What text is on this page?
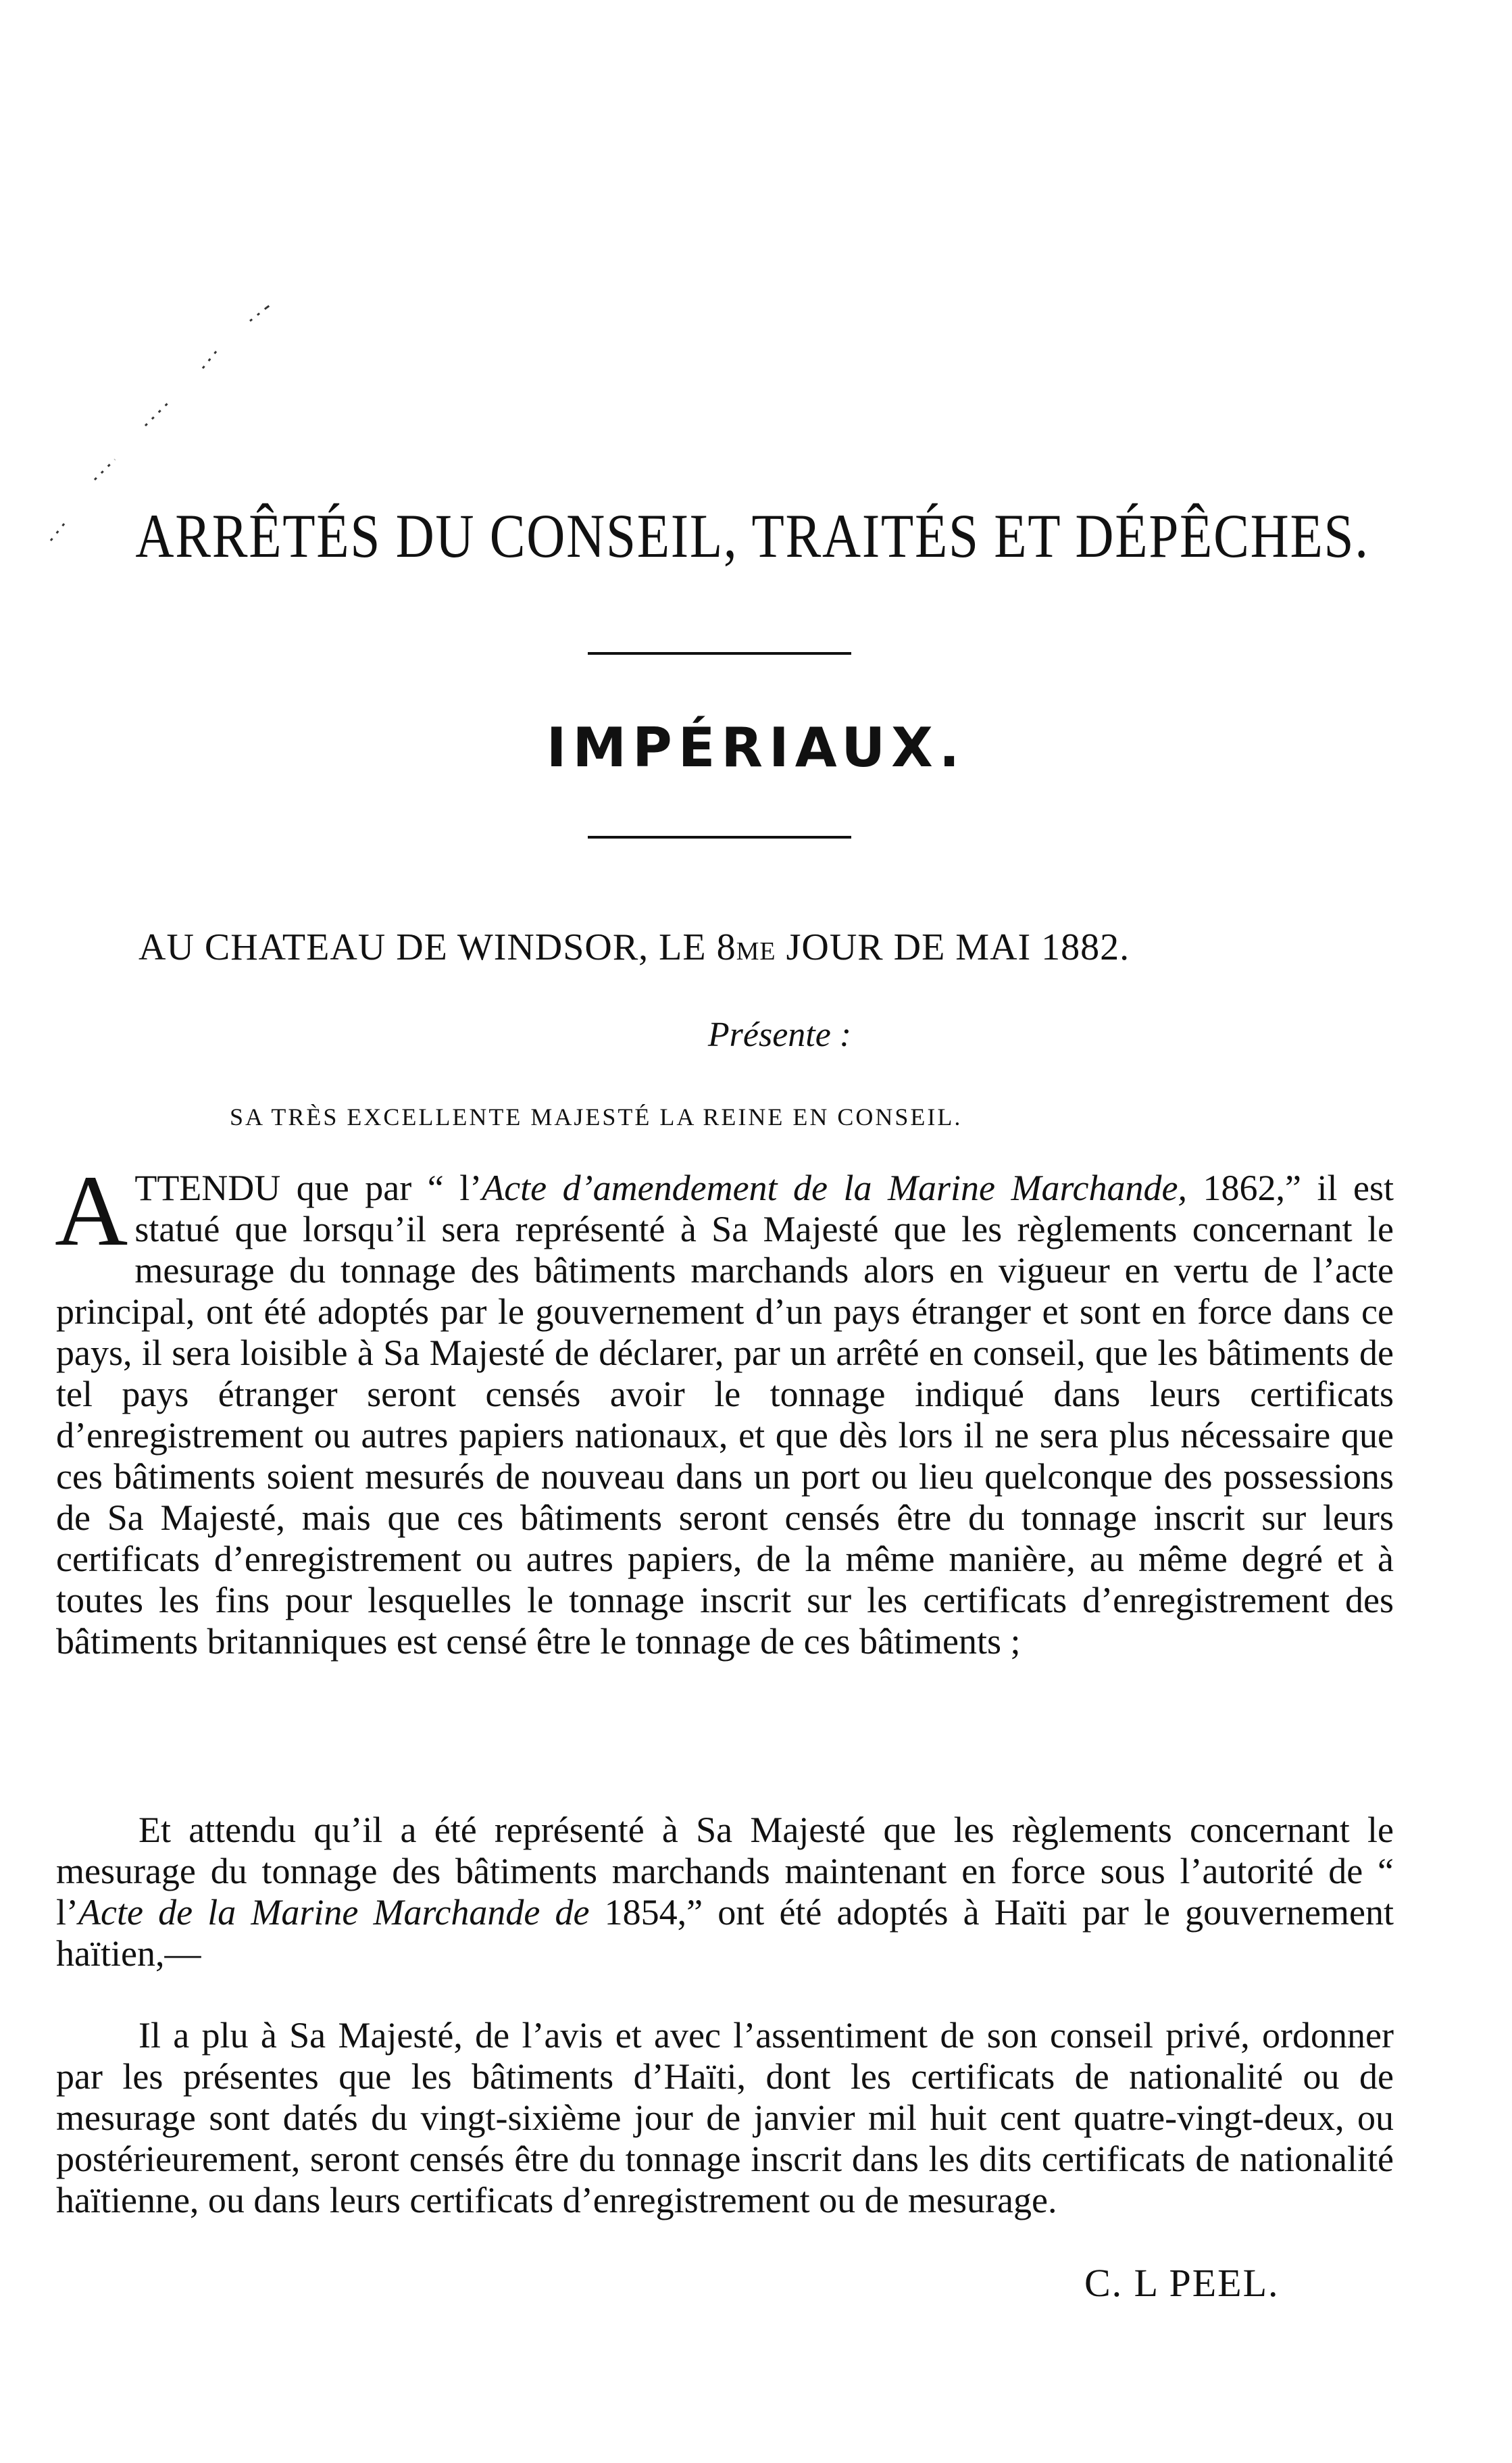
ARRÊTÉS DU CONSEIL, TRAITÉS ET DÉPÊCHES.
IMPÉRIAUX.
AU CHATEAU DE WINDSOR, LE 8ME JOUR DE MAI 1882.
Présente :
SA TRÈS EXCELLENTE MAJESTÉ LA REINE EN CONSEIL.

ATTENDU que par “ l’Acte d’amendement de la Marine Marchande, 1862,” il est statué que lorsqu’il sera représenté à Sa Majesté que les règlements concernant le mesurage du tonnage des bâtiments marchands alors en vigueur en vertu de l’acte principal, ont été adoptés par le gouvernement d’un pays étranger et sont en force dans ce pays, il sera loisible à Sa Majesté de déclarer, par un arrêté en conseil, que les bâtiments de tel pays étranger seront censés avoir le tonnage indiqué dans leurs certificats d’enregistrement ou autres papiers nationaux, et que dès lors il ne sera plus nécessaire que ces bâtiments soient mesurés de nouveau dans un port ou lieu quelconque des possessions de Sa Majesté, mais que ces bâtiments seront censés être du tonnage inscrit sur leurs certificats d’enregistrement ou autres papiers, de la même manière, au même degré et à toutes les fins pour lesquelles le tonnage inscrit sur les certificats d’enregistrement des bâtiments britanniques est censé être le tonnage de ces bâtiments ;

Et attendu qu’il a été représenté à Sa Majesté que les règlements concernant le mesurage du tonnage des bâtiments marchands maintenant en force sous l’autorité de “ l’Acte de la Marine Marchande de 1854,” ont été adoptés à Haïti par le gouvernement haïtien,—

Il a plu à Sa Majesté, de l’avis et avec l’assentiment de son conseil privé, ordonner par les présentes que les bâtiments d’Haïti, dont les certificats de nationalité ou de mesurage sont datés du vingt-sixième jour de janvier mil huit cent quatre-vingt-deux, ou postérieurement, seront censés être du tonnage inscrit dans les dits certificats de nationalité haïtienne, ou dans leurs certificats d’enregistrement ou de mesurage.

C. L PEEL.
